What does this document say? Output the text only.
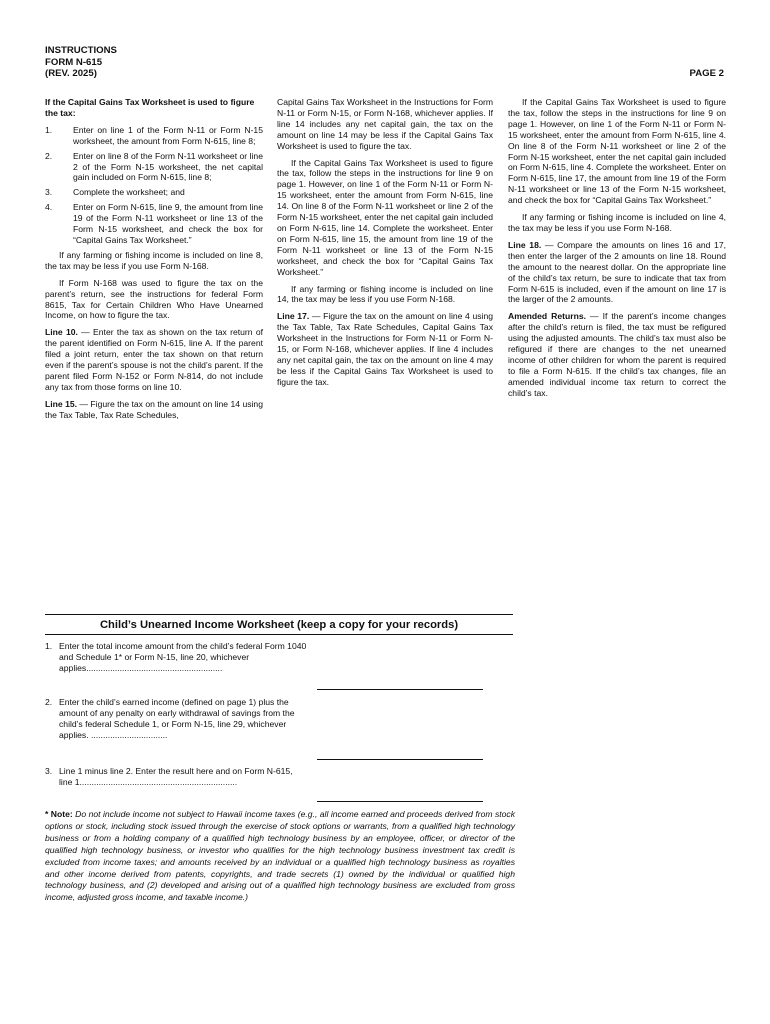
INSTRUCTIONS
FORM N-615
(REV. 2025)	PAGE 2

If the Capital Gains Tax Worksheet is used to figure the tax:

1.	Enter on line 1 of the Form N-11 or Form N-15 worksheet, the amount from Form N-615, line 8;
2.	Enter on line 8 of the Form N-11 worksheet or line 2 of the Form N-15 worksheet, the net capital gain included on Form N-615, line 8;
3.	Complete the worksheet; and
4.	Enter on Form N-615, line 9, the amount from line 19 of the Form N-11 worksheet or line 13 of the Form N-15 worksheet, and check the box for “Capital Gains Tax Worksheet.”

If any farming or fishing income is included on line 8, the tax may be less if you use Form N-168.

If Form N-168 was used to figure the tax on the parent’s return, see the instructions for federal Form 8615, Tax for Certain Children Who Have Unearned Income, on how to figure the tax.

Line 10. — Enter the tax as shown on the tax return of the parent identified on Form N-615, line A. If the parent filed a joint return, enter the tax shown on that return even if the parent’s spouse is not the child’s parent. If the parent filed Form N-152 or Form N-814, do not include any tax from those forms on line 10.

Line 15. — Figure the tax on the amount on line 14 using the Tax Table, Tax Rate Schedules,

Capital Gains Tax Worksheet in the Instructions for Form N-11 or Form N-15, or Form N-168, whichever applies. If line 14 includes any net capital gain, the tax on the amount on line 14 may be less if the Capital Gains Tax Worksheet is used to figure the tax.

If the Capital Gains Tax Worksheet is used to figure the tax, follow the steps in the instructions for line 9 on page 1. However, on line 1 of the Form N-11 or Form N-15 worksheet, enter the amount from Form N-615, line 14. On line 8 of the Form N-11 worksheet or line 2 of the Form N-15 worksheet, enter the net capital gain included on Form N-615, line 14. Complete the worksheet. Enter on Form N-615, line 15, the amount from line 19 of the Form N-11 worksheet or line 13 of the Form N-15 worksheet, and check the box for “Capital Gains Tax Worksheet.”

If any farming or fishing income is included on line 14, the tax may be less if you use Form N-168.

Line 17. — Figure the tax on the amount on line 4 using the Tax Table, Tax Rate Schedules, Capital Gains Tax Worksheet in the Instructions for Form N-11 or Form N-15, or Form N-168, whichever applies. If line 4 includes any net capital gain, the tax on the amount on line 4 may be less if the Capital Gains Tax Worksheet is used to figure the tax.

If the Capital Gains Tax Worksheet is used to figure the tax, follow the steps in the instructions for line 9 on page 1. However, on line 1 of the Form N-11 or Form N-15 worksheet, enter the amount from Form N-615, line 4. On line 8 of the Form N-11 worksheet or line 2 of the Form N-15 worksheet, enter the net capital gain included on Form N-615, line 4. Complete the worksheet. Enter on Form N-615, line 17, the amount from line 19 of the Form N-11 worksheet or line 13 of the Form N-15 worksheet, and check the box for “Capital Gains Tax Worksheet.”

If any farming or fishing income is included on line 4, the tax may be less if you use Form N-168.

Line 18. — Compare the amounts on lines 16 and 17, then enter the larger of the 2 amounts on line 18. Round the amount to the nearest dollar. On the appropriate line of the child’s tax return, be sure to indicate that tax from Form N-615 is included, even if the amount on line 17 is the larger of the 2 amounts.

Amended Returns. — If the parent’s income changes after the child’s return is filed, the tax must be refigured using the adjusted amounts. The child’s tax must also be refigured if there are changes to the net unearned income of other children for whom the parent is required to file a Form N-615. If the child’s tax changes, file an amended individual income tax return to correct the child’s tax.

Child’s Unearned Income Worksheet (keep a copy for your records)
1. Enter the total income amount from the child’s federal Form 1040 and Schedule 1* or Form N-15, line 20, whichever applies.........................................................
2. Enter the child’s earned income (defined on page 1) plus the amount of any penalty on early withdrawal of savings from the child’s federal Schedule 1, or Form N-15, line 29, whichever applies. ................................
3. Line 1 minus line 2. Enter the result here and on Form N-615, line 1..................................................................
* Note: Do not include income not subject to Hawaii income taxes (e.g., all income earned and proceeds derived from stock options or stock, including stock issued through the exercise of stock options or warrants, from a qualified high technology business or from a holding company of a qualified high technology business by an employee, officer, or director of the qualified high technology business, or investor who qualifies for the high technology business investment tax credit is excluded from income taxes; and amounts received by an individual or a qualified high technology business as royalties and other income derived from patents, copyrights, and trade secrets (1) owned by the individual or qualified high technology business, and (2) developed and arising out of a qualified high technology business are excluded from gross income, adjusted gross income, and taxable income.)
